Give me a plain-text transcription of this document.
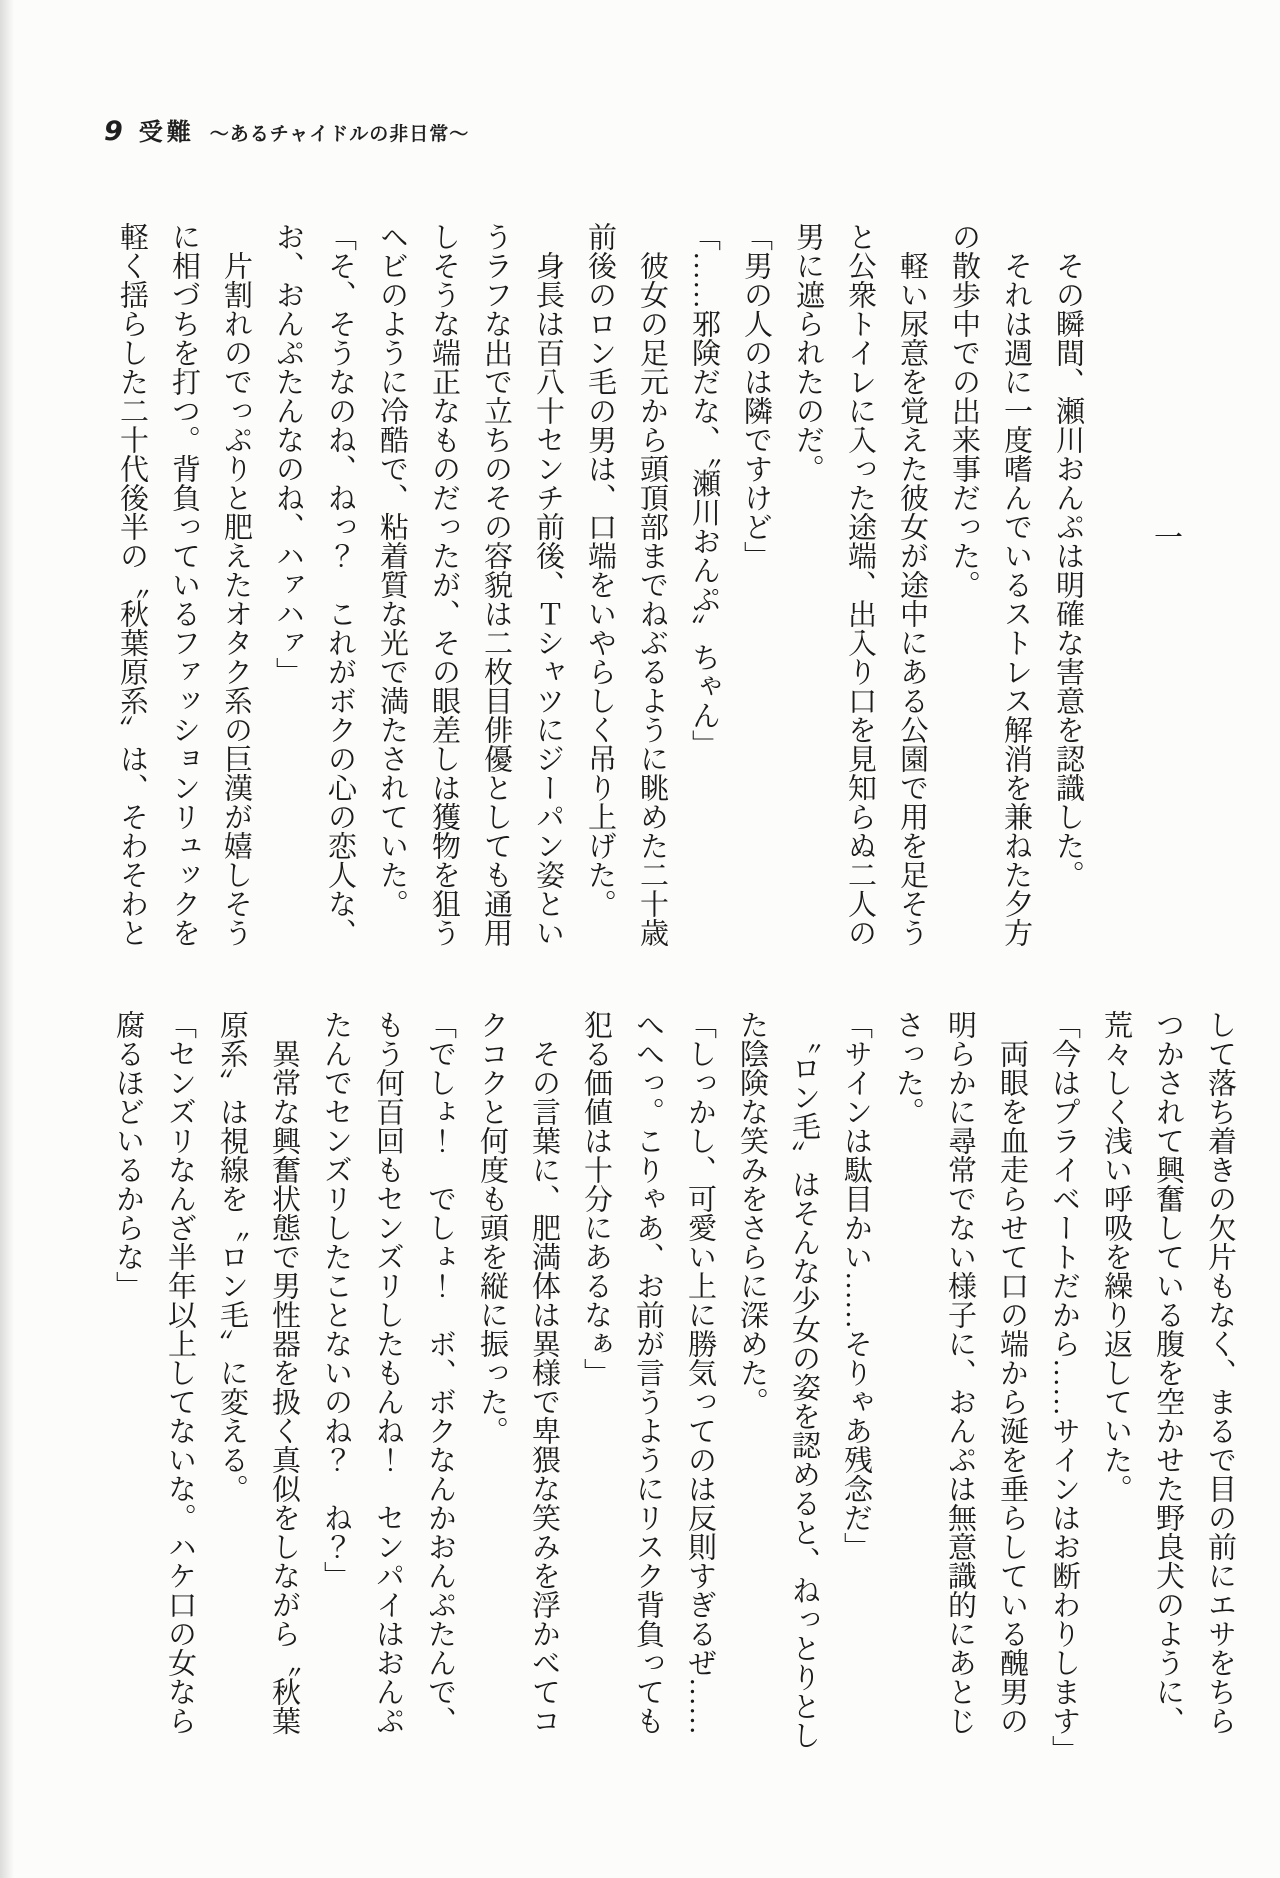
9 受難 ～あるチャイドルの非日常～

一

　その瞬間、瀬川おんぷは明確な害意を認識した。

　それは週に一度嗜んでいるストレス解消を兼ねた夕方

の散歩中での出来事だった。

　軽い尿意を覚えた彼女が途中にある公園で用を足そう

と公衆トイレに入った途端、出入り口を見知らぬ二人の

男に遮られたのだ。

「男の人のは隣ですけど」

「……邪険だな、〝瀬川おんぷ〟ちゃん」

　彼女の足元から頭頂部までねぶるように眺めた二十歳

前後のロン毛の男は、口端をいやらしく吊り上げた。

　身長は百八十センチ前後、Ｔシャツにジーパン姿とい

うラフな出で立ちのその容貌は二枚目俳優としても通用

しそうな端正なものだったが、その眼差しは獲物を狙う

ヘビのように冷酷で、粘着質な光で満たされていた。

「そ、そうなのね、ねっ？　これがボクの心の恋人な、

お、おんぷたんなのね、ハァハァ」

　片割れのでっぷりと肥えたオタク系の巨漢が嬉しそう

に相づちを打つ。背負っているファッションリュックを

軽く揺らした二十代後半の〝秋葉原系〟は、そわそわと

して落ち着きの欠片もなく、まるで目の前にエサをちら

つかされて興奮している腹を空かせた野良犬のように、

荒々しく浅い呼吸を繰り返していた。

「今はプライベートだから……サインはお断わりします」

　両眼を血走らせて口の端から涎を垂らしている醜男の

明らかに尋常でない様子に、おんぷは無意識的にあとじ

さった。

「サインは駄目かい……そりゃあ残念だ」

　〝ロン毛〟はそんな少女の姿を認めると、ねっとりとし

た陰険な笑みをさらに深めた。

「しっかし、可愛い上に勝気ってのは反則すぎるぜ……

へへっ。こりゃあ、お前が言うようにリスク背負っても

犯る価値は十分にあるなぁ」

　その言葉に、肥満体は異様で卑猥な笑みを浮かべてコ

クコクと何度も頭を縦に振った。

「でしょ！　でしょ！　ボ、ボクなんかおんぷたんで、

もう何百回もセンズリしたもんね！　センパイはおんぷ

たんでセンズリしたことないのね？　ね？」

　異常な興奮状態で男性器を扱く真似をしながら〝秋葉

原系〟は視線を〝ロン毛〟に変える。

「センズリなんざ半年以上してないな。ハケ口の女なら

腐るほどいるからな」
